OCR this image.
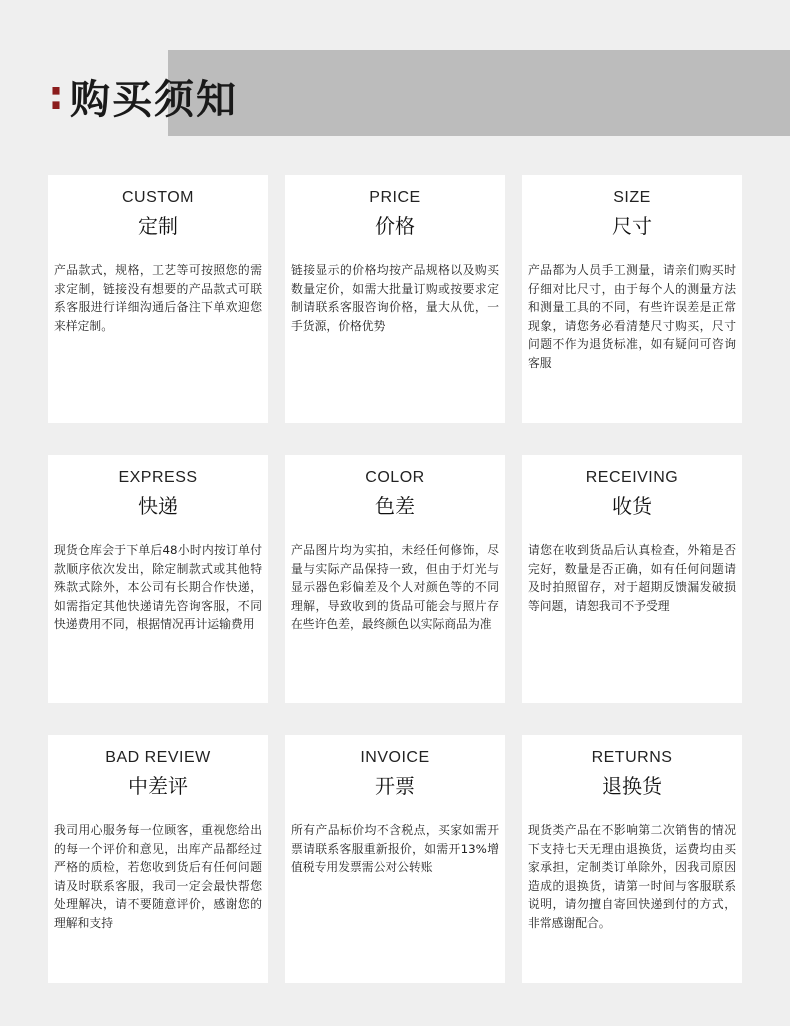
: 购买须知
CUSTOM
定制
产品款式，规格，工艺等可按照您的需求定制，链接没有想要的产品款式可联系客服进行详细沟通后备注下单欢迎您来样定制。
PRICE
价格
链接显示的价格均按产品规格以及购买数量定价，如需大批量订购或按要求定制请联系客服咨询价格，量大从优，一手货源，价格优势
SIZE
尺寸
产品都为人员手工测量，请亲们购买时仔细对比尺寸，由于每个人的测量方法和测量工具的不同，有些许误差是正常现象，请您务必看清楚尺寸购买，尺寸问题不作为退货标准，如有疑问可咨询客服
EXPRESS
快递
现货仓库会于下单后48小时内按订单付款顺序依次发出，除定制款式或其他特殊款式除外，本公司有长期合作快递，如需指定其他快递请先咨询客服，不同快递费用不同，根据情况再计运输费用
COLOR
色差
产品图片均为实拍，未经任何修饰，尽量与实际产品保持一致，但由于灯光与显示器色彩偏差及个人对颜色等的不同理解，导致收到的货品可能会与照片存在些许色差，最终颜色以实际商品为准
RECEIVING
收货
请您在收到货品后认真检查，外箱是否完好，数量是否正确，如有任何问题请及时拍照留存，对于超期反馈漏发破损等问题，请恕我司不予受理
BAD REVIEW
中差评
我司用心服务每一位顾客，重视您给出的每一个评价和意见，出库产品都经过严格的质检，若您收到货后有任何问题请及时联系客服，我司一定会最快帮您处理解决，请不要随意评价，感谢您的理解和支持
INVOICE
开票
所有产品标价均不含税点，买家如需开票请联系客服重新报价，如需开13%增值税专用发票需公对公转账
RETURNS
退换货
现货类产品在不影响第二次销售的情况下支持七天无理由退换货，运费均由买家承担，定制类订单除外，因我司原因造成的退换货，请第一时间与客服联系说明，请勿擅自寄回快递到付的方式，非常感谢配合。
